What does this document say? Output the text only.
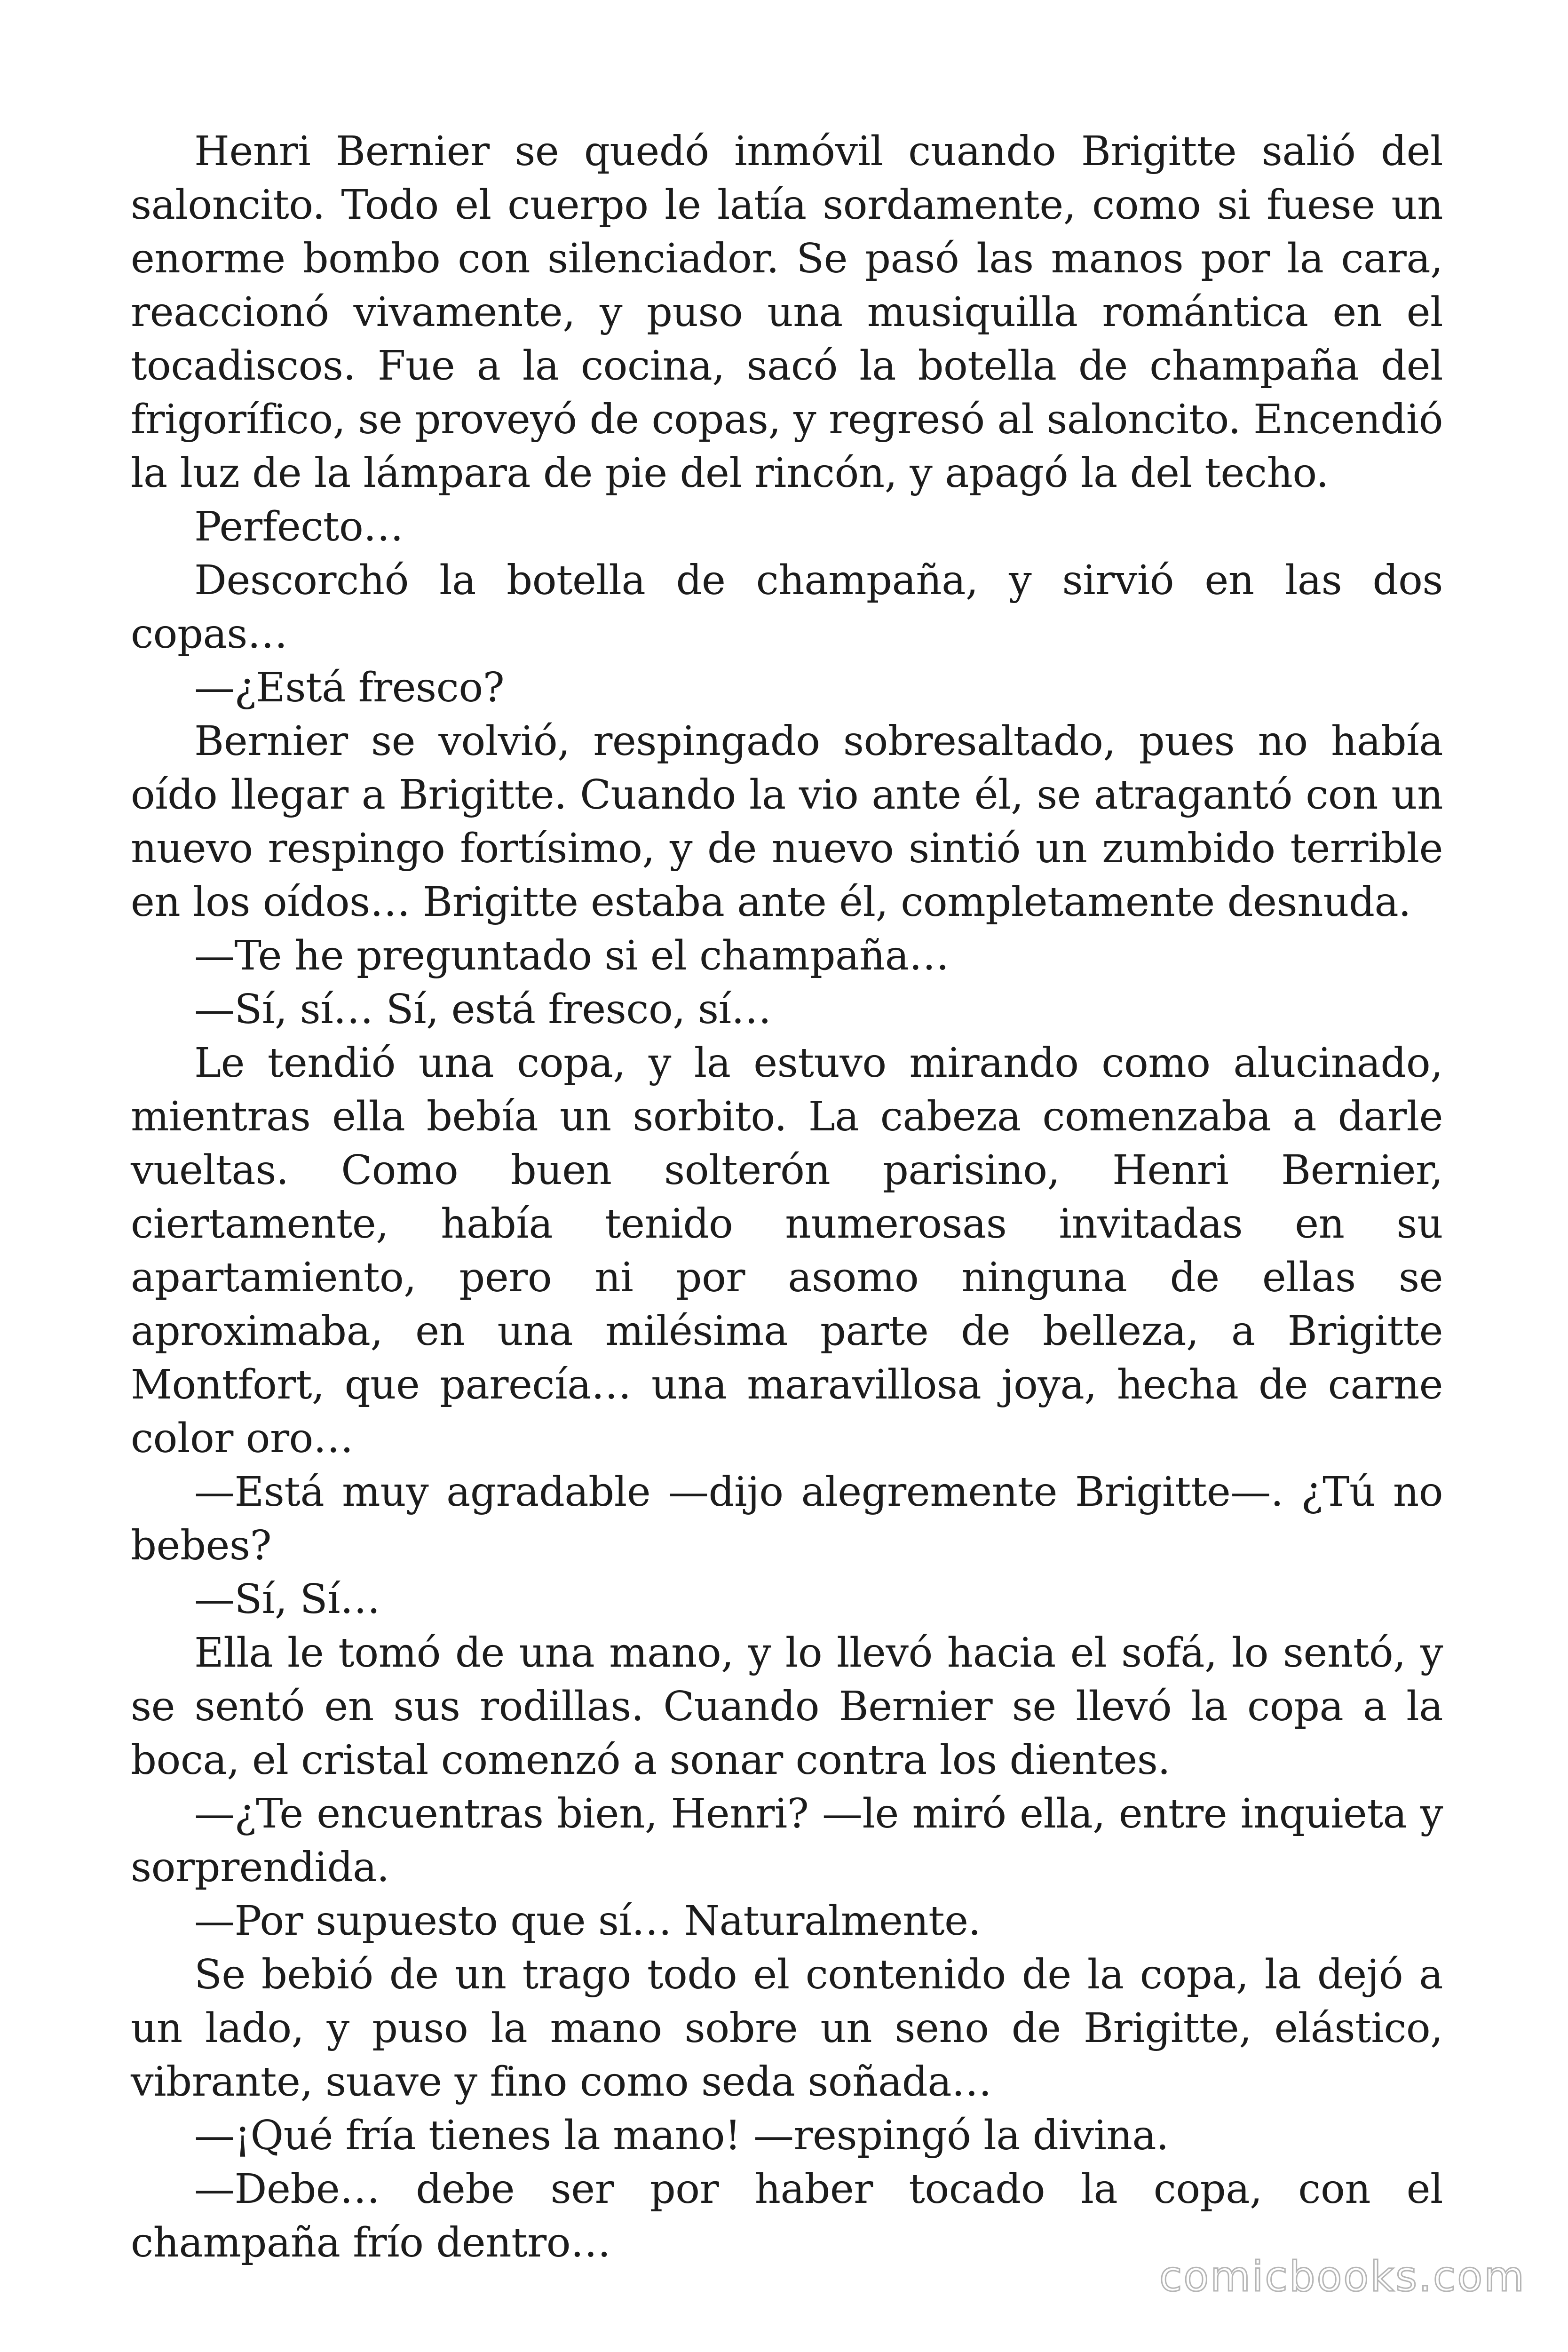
Henri Bernier se quedó inmóvil cuando Brigitte salió del saloncito. Todo el cuerpo le latía sordamente, como si fuese un enorme bombo con silenciador. Se pasó las manos por la cara, reaccionó vivamente, y puso una musiquilla romántica en el tocadiscos. Fue a la cocina, sacó la botella de champaña del frigorífico, se proveyó de copas, y regresó al saloncito. Encendió la luz de la lámpara de pie del rincón, y apagó la del techo.

Perfecto…

Descorchó la botella de champaña, y sirvió en las dos copas…

—¿Está fresco?

Bernier se volvió, respingado sobresaltado, pues no había oído llegar a Brigitte. Cuando la vio ante él, se atragantó con un nuevo respingo fortísimo, y de nuevo sintió un zumbido terrible en los oídos… Brigitte estaba ante él, completamente desnuda.

—Te he preguntado si el champaña…

—Sí, sí… Sí, está fresco, sí…

Le tendió una copa, y la estuvo mirando como alucinado, mientras ella bebía un sorbito. La cabeza comenzaba a darle vueltas. Como buen solterón parisino, Henri Bernier, ciertamente, había tenido numerosas invitadas en su apartamiento, pero ni por asomo ninguna de ellas se aproximaba, en una milésima parte de belleza, a Brigitte Montfort, que parecía… una maravillosa joya, hecha de carne color oro…

—Está muy agradable —dijo alegremente Brigitte—. ¿Tú no bebes?

—Sí, Sí…

Ella le tomó de una mano, y lo llevó hacia el sofá, lo sentó, y se sentó en sus rodillas. Cuando Bernier se llevó la copa a la boca, el cristal comenzó a sonar contra los dientes.

—¿Te encuentras bien, Henri? —le miró ella, entre inquieta y sorprendida.

—Por supuesto que sí… Naturalmente.

Se bebió de un trago todo el contenido de la copa, la dejó a un lado, y puso la mano sobre un seno de Brigitte, elástico, vibrante, suave y fino como seda soñada…

—¡Qué fría tienes la mano! —respingó la divina.

—Debe… debe ser por haber tocado la copa, con el champaña frío dentro…

comicbooks.com
